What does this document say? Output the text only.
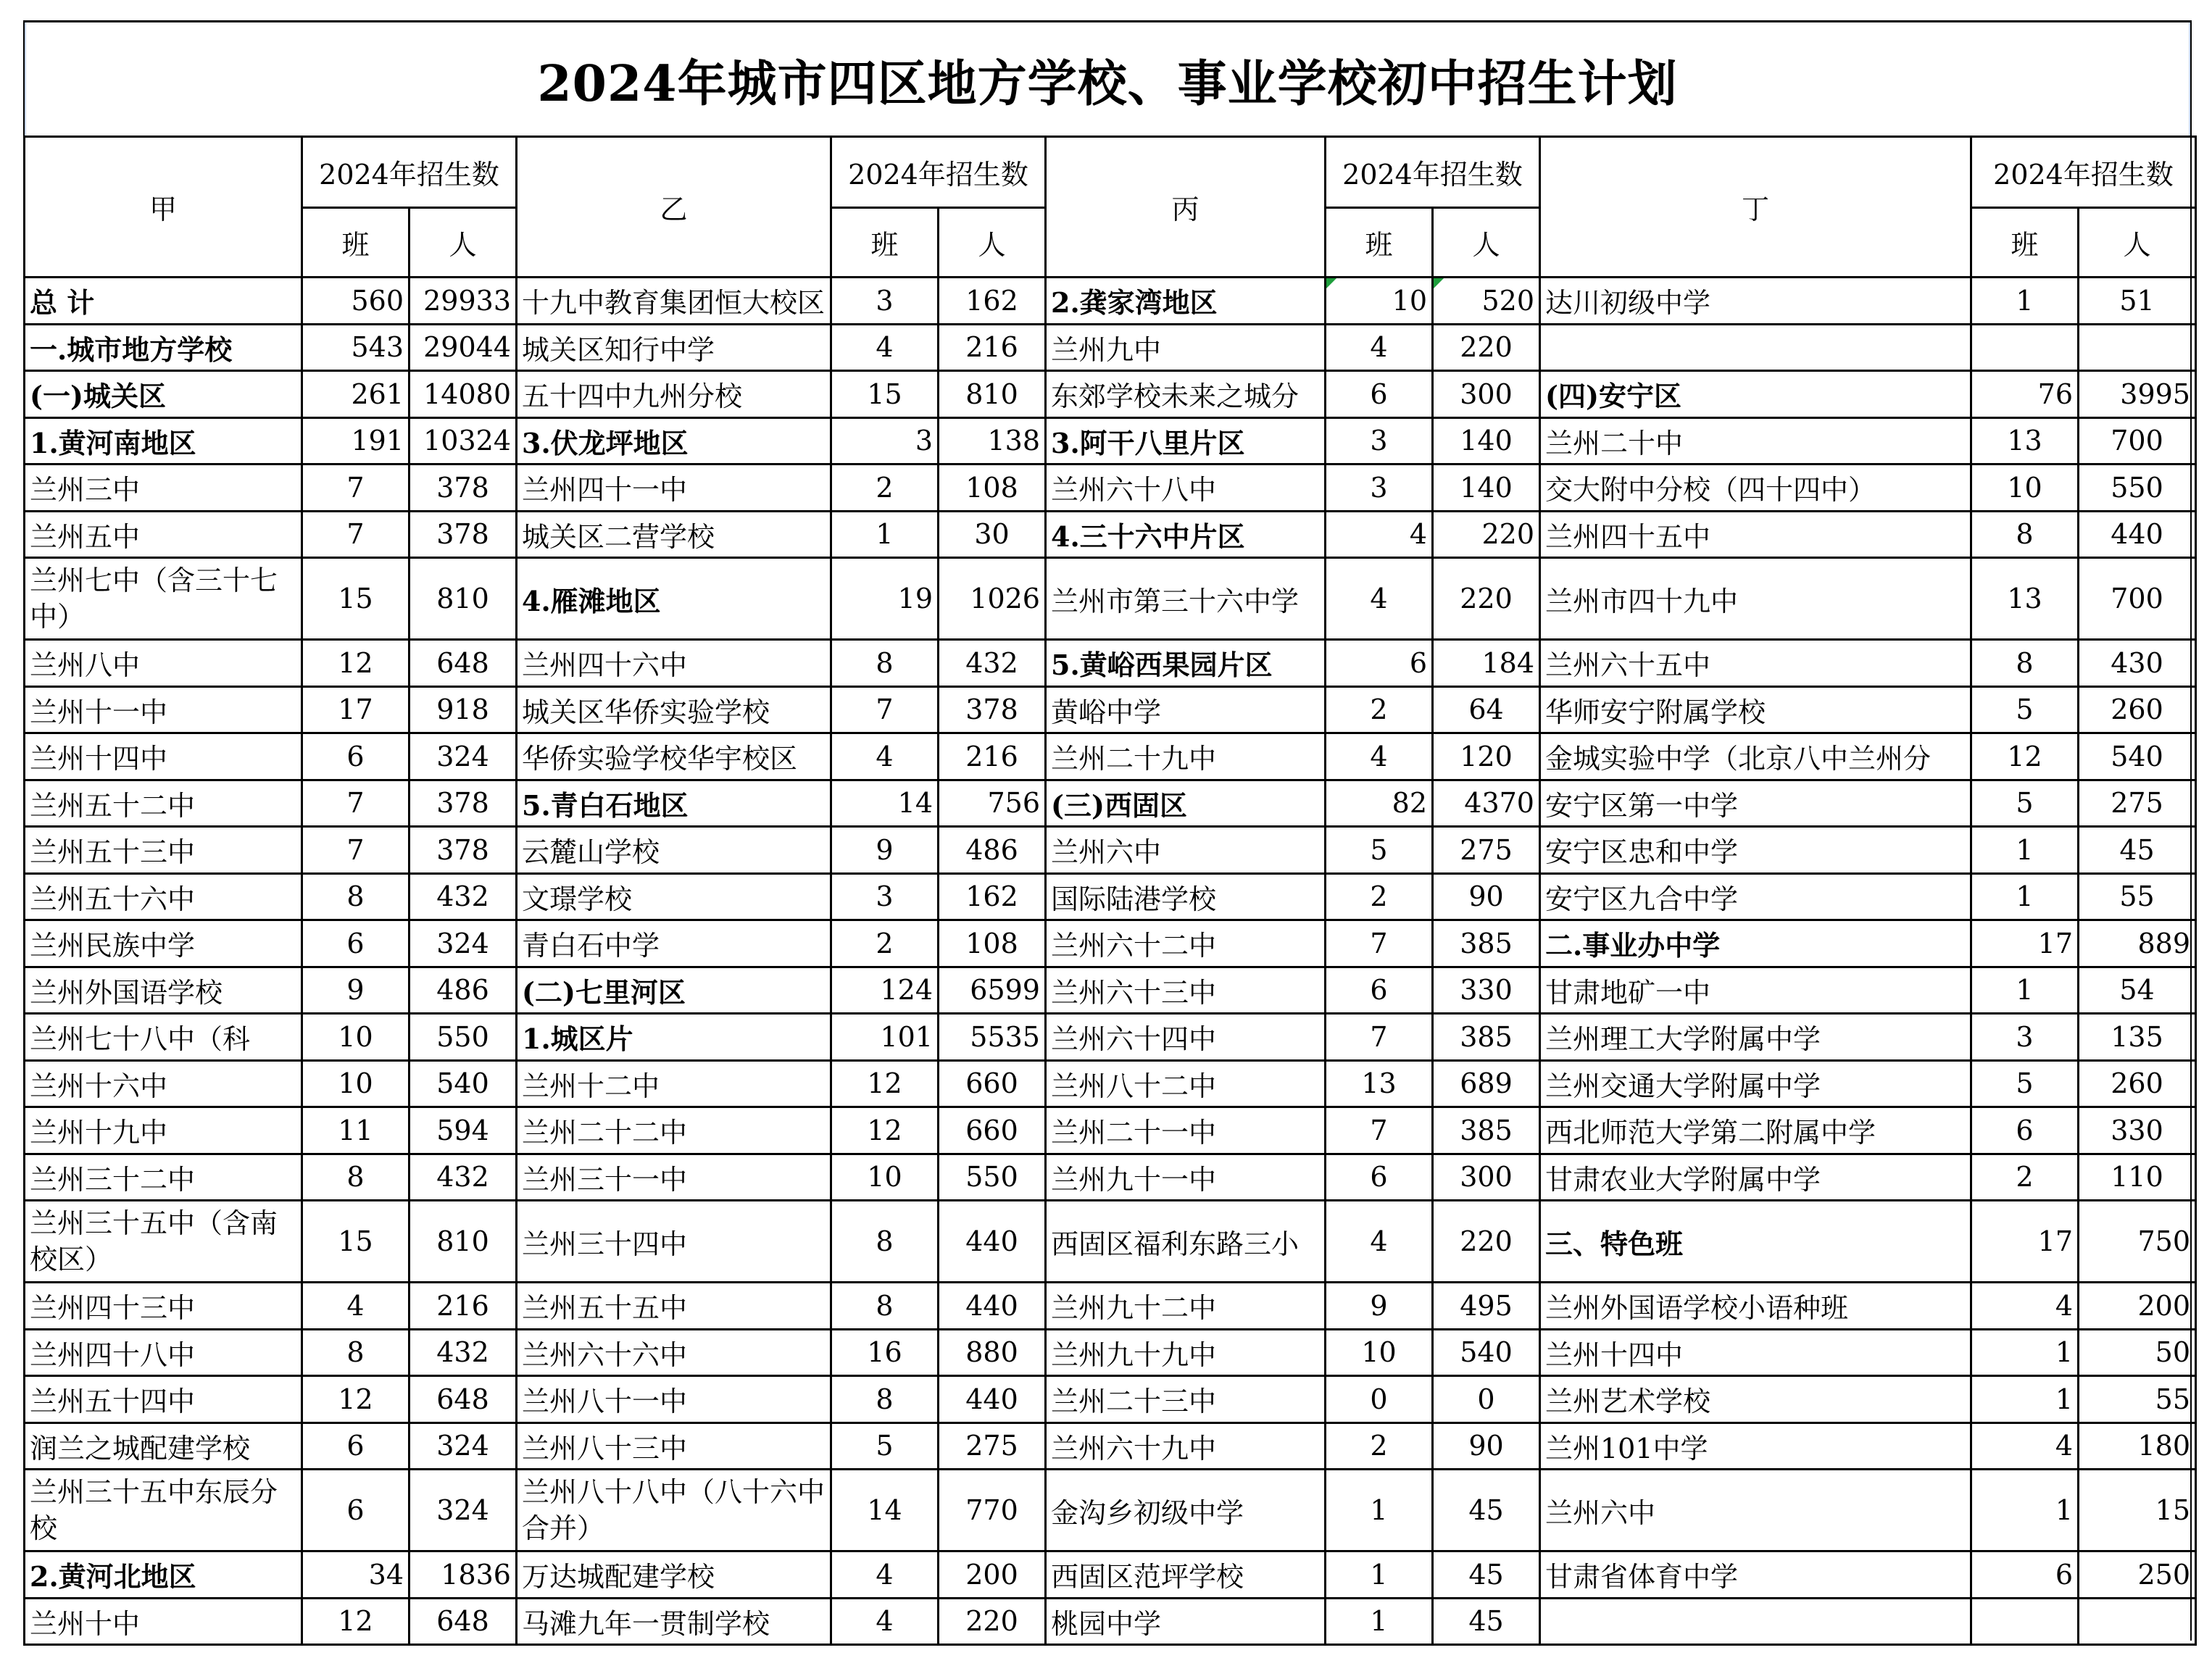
2024年城市四区地方学校、事业学校初中招生计划
甲	2024年招生数		乙	2024年招生数		丙	2024年招生数		丁	2024年招生数	
	班	人		班	人		班	人		班	人
总 计	560	29933	十九中教育集团恒大校区	3	162	2.龚家湾地区	10	520	达川初级中学	1	51
一.城市地方学校	543	29044	城关区知行中学	4	216	兰州九中	4	220			
(一)城关区	261	14080	五十四中九州分校	15	810	东郊学校未来之城分	6	300	(四)安宁区	76	3995
1.黄河南地区	191	10324	3.伏龙坪地区	3	138	3.阿干八里片区	3	140	兰州二十中	13	700
兰州三中	7	378	兰州四十一中	2	108	兰州六十八中	3	140	交大附中分校（四十四中）	10	550
兰州五中	7	378	城关区二营学校	1	30	4.三十六中片区	4	220	兰州四十五中	8	440
兰州七中（含三十七中）	15	810	4.雁滩地区	19	1026	兰州市第三十六中学	4	220	兰州市四十九中	13	700
兰州八中	12	648	兰州四十六中	8	432	5.黄峪西果园片区	6	184	兰州六十五中	8	430
兰州十一中	17	918	城关区华侨实验学校	7	378	黄峪中学	2	64	华师安宁附属学校	5	260
兰州十四中	6	324	华侨实验学校华宇校区	4	216	兰州二十九中	4	120	金城实验中学（北京八中兰州分	12	540
兰州五十二中	7	378	5.青白石地区	14	756	(三)西固区	82	4370	安宁区第一中学	5	275
兰州五十三中	7	378	云麓山学校	9	486	兰州六中	5	275	安宁区忠和中学	1	45
兰州五十六中	8	432	文璟学校	3	162	国际陆港学校	2	90	安宁区九合中学	1	55
兰州民族中学	6	324	青白石中学	2	108	兰州六十二中	7	385	二.事业办中学	17	889
兰州外国语学校	9	486	(二)七里河区	124	6599	兰州六十三中	6	330	甘肃地矿一中	1	54
兰州七十八中（科	10	550	1.城区片	101	5535	兰州六十四中	7	385	兰州理工大学附属中学	3	135
兰州十六中	10	540	兰州十二中	12	660	兰州八十二中	13	689	兰州交通大学附属中学	5	260
兰州十九中	11	594	兰州二十二中	12	660	兰州二十一中	7	385	西北师范大学第二附属中学	6	330
兰州三十二中	8	432	兰州三十一中	10	550	兰州九十一中	6	300	甘肃农业大学附属中学	2	110
兰州三十五中（含南校区）	15	810	兰州三十四中	8	440	西固区福利东路三小	4	220	三、特色班	17	750
兰州四十三中	4	216	兰州五十五中	8	440	兰州九十二中	9	495	兰州外国语学校小语种班	4	200
兰州四十八中	8	432	兰州六十六中	16	880	兰州九十九中	10	540	兰州十四中	1	50
兰州五十四中	12	648	兰州八十一中	8	440	兰州二十三中	0	0	兰州艺术学校	1	55
润兰之城配建学校	6	324	兰州八十三中	5	275	兰州六十九中	2	90	兰州101中学	4	180
兰州三十五中东辰分校	6	324	兰州八十八中（八十六中合并）	14	770	金沟乡初级中学	1	45	兰州六中	1	15
2.黄河北地区	34	1836	万达城配建学校	4	200	西固区范坪学校	1	45	甘肃省体育中学	6	250
兰州十中	12	648	马滩九年一贯制学校	4	220	桃园中学	1	45			
